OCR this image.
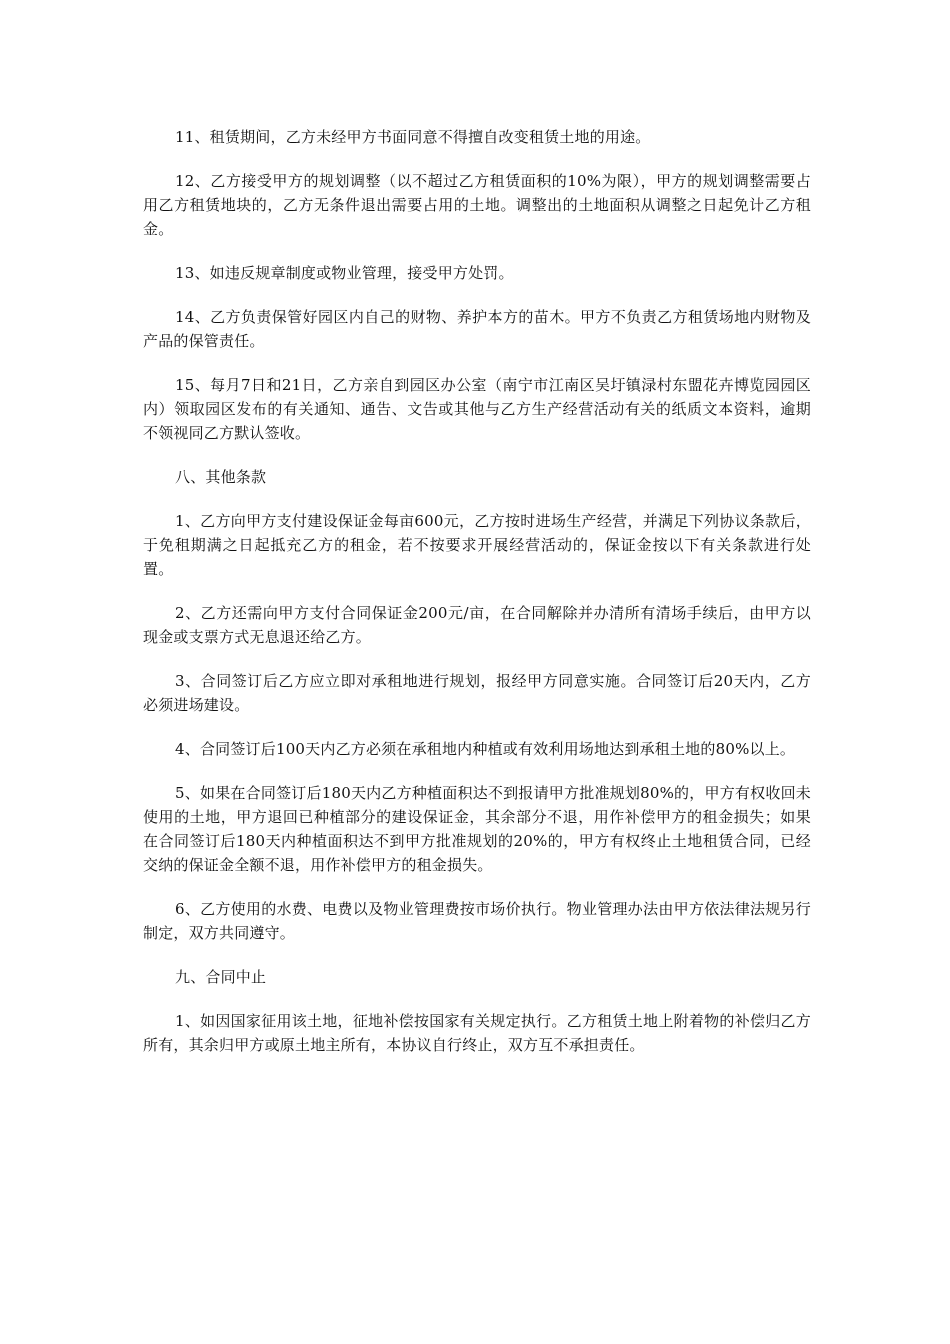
11、租赁期间，乙方未经甲方书面同意不得擅自改变租赁土地的用途。

12、乙方接受甲方的规划调整（以不超过乙方租赁面积的10%为限），甲方的规划调整需要占用乙方租赁地块的，乙方无条件退出需要占用的土地。调整出的土地面积从调整之日起免计乙方租金。

13、如违反规章制度或物业管理，接受甲方处罚。

14、乙方负责保管好园区内自己的财物、养护本方的苗木。甲方不负责乙方租赁场地内财物及产品的保管责任。

15、每月7日和21日，乙方亲自到园区办公室（南宁市江南区吴圩镇渌村东盟花卉博览园园区内）领取园区发布的有关通知、通告、文告或其他与乙方生产经营活动有关的纸质文本资料，逾期不领视同乙方默认签收。

八、其他条款

1、乙方向甲方支付建设保证金每亩600元，乙方按时进场生产经营，并满足下列协议条款后，于免租期满之日起抵充乙方的租金，若不按要求开展经营活动的，保证金按以下有关条款进行处置。

2、乙方还需向甲方支付合同保证金200元/亩，在合同解除并办清所有清场手续后，由甲方以现金或支票方式无息退还给乙方。

3、合同签订后乙方应立即对承租地进行规划，报经甲方同意实施。合同签订后20天内，乙方必须进场建设。

4、合同签订后100天内乙方必须在承租地内种植或有效利用场地达到承租土地的80%以上。

5、如果在合同签订后180天内乙方种植面积达不到报请甲方批准规划80%的，甲方有权收回未使用的土地，甲方退回已种植部分的建设保证金，其余部分不退，用作补偿甲方的租金损失；如果在合同签订后180天内种植面积达不到甲方批准规划的20%的，甲方有权终止土地租赁合同，已经交纳的保证金全额不退，用作补偿甲方的租金损失。

6、乙方使用的水费、电费以及物业管理费按市场价执行。物业管理办法由甲方依法律法规另行制定，双方共同遵守。

九、合同中止

1、如因国家征用该土地，征地补偿按国家有关规定执行。乙方租赁土地上附着物的补偿归乙方所有，其余归甲方或原土地主所有，本协议自行终止，双方互不承担责任。
